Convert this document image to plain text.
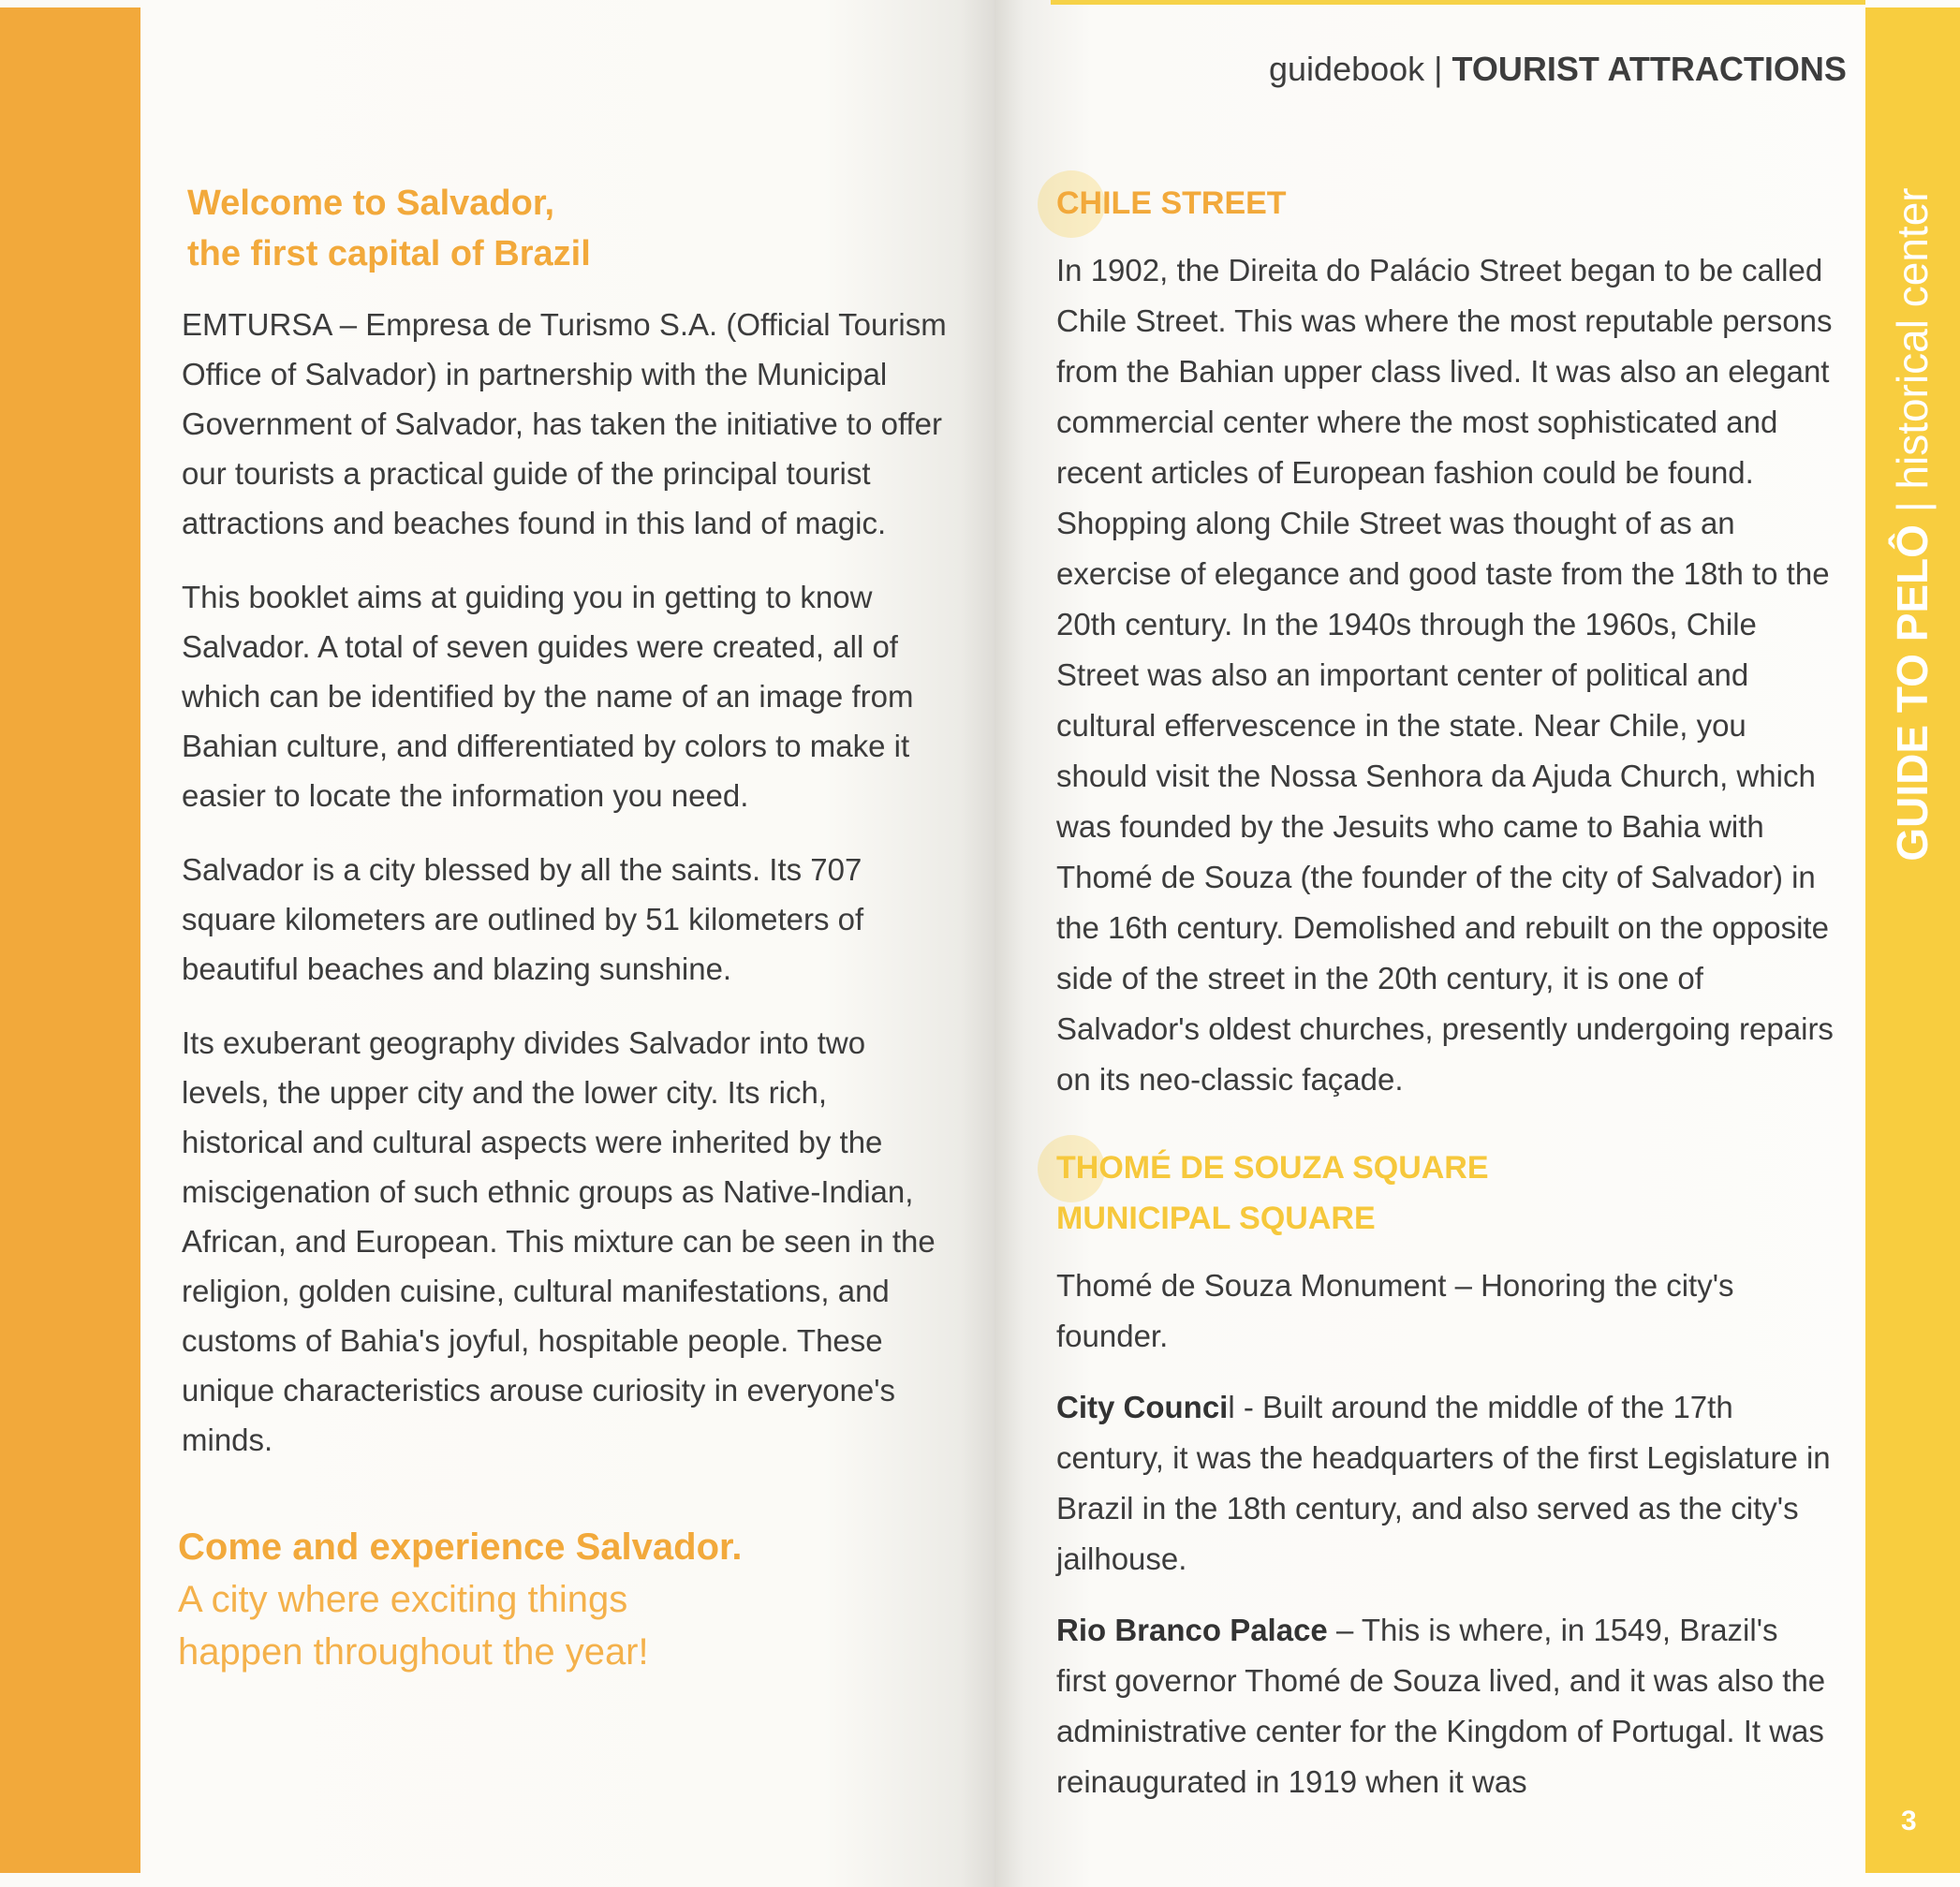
Welcome to Salvador,
the first capital of Brazil

EMTURSA – Empresa de Turismo S.A. (Official Tourism Office of Salvador) in partnership with the Municipal Government of Salvador, has taken the initiative to offer our tourists a practical guide of the principal tourist attractions and beaches found in this land of magic.

This booklet aims at guiding you in getting to know Salvador. A total of seven guides were created, all of which can be identified by the name of an image from Bahian culture, and differentiated by colors to make it easier to locate the information you need.

Salvador is a city blessed by all the saints. Its 707 square kilometers are outlined by 51 kilometers of beautiful beaches and blazing sunshine.

Its exuberant geography divides Salvador into two levels, the upper city and the lower city. Its rich, historical and cultural aspects were inherited by the miscigenation of such ethnic groups as Native-Indian, African, and European. This mixture can be seen in the religion, golden cuisine, cultural manifestations, and customs of Bahia's joyful, hospitable people. These unique characteristics arouse curiosity in everyone's minds.

Come and experience Salvador.
A city where exciting things
happen throughout the year!
GUIDE TO PELÔ | historical center
3
guidebook | TOURIST ATTRACTIONS
CHILE STREET

In 1902, the Direita do Palácio Street began to be called Chile Street. This was where the most reputable persons from the Bahian upper class lived. It was also an elegant commercial center where the most sophisticated and recent articles of European fashion could be found. Shopping along Chile Street was thought of as an exercise of elegance and good taste from the 18th to the 20th century. In the 1940s through the 1960s, Chile Street was also an important center of political and cultural effervescence in the state. Near Chile, you should visit the Nossa Senhora da Ajuda Church, which was founded by the Jesuits who came to Bahia with Thomé de Souza (the founder of the city of Salvador) in the 16th century. Demolished and rebuilt on the opposite side of the street in the 20th century, it is one of Salvador's oldest churches, presently undergoing repairs on its neo-classic façade.

THOMÉ DE SOUZA SQUARE
MUNICIPAL SQUARE

Thomé de Souza Monument – Honoring the city's founder.

City Council - Built around the middle of the 17th century, it was the headquarters of the first Legislature in Brazil in the 18th century, and also served as the city's jailhouse.

Rio Branco Palace – This is where, in 1549, Brazil's first governor Thomé de Souza lived, and it was also the administrative center for the Kingdom of Portugal. It was reinaugurated in 1919 when it was
